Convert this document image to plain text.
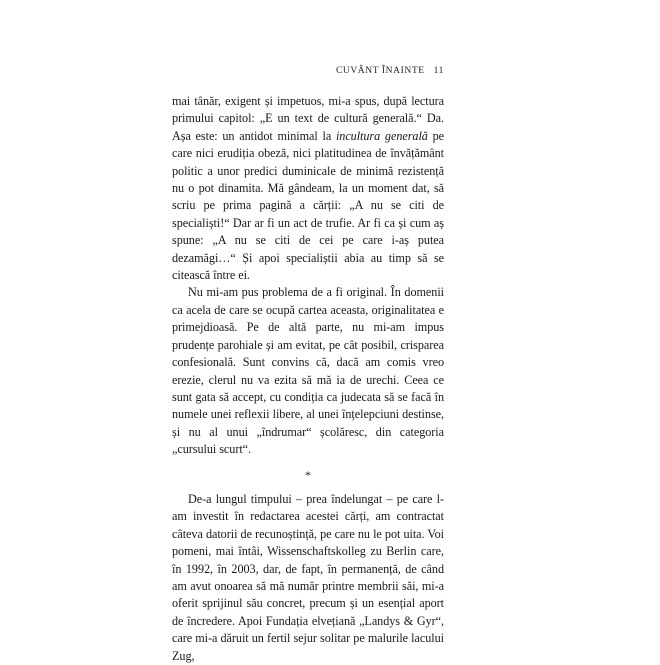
CUVÂNT ÎNAINTE 11

mai tânăr, exigent și impetuos, mi-a spus, după lectura primului capitol: „E un text de cultură generală.“ Da. Așa este: un antidot minimal la incultura generală pe care nici erudiția obeză, nici platitudinea de învățământ politic a unor predici duminicale de minimă rezistență nu o pot dinamita. Mă gândeam, la un moment dat, să scriu pe prima pagină a cărții: „A nu se citi de specialiști!“ Dar ar fi un act de trufie. Ar fi ca și cum aș spune: „A nu se citi de cei pe care i-aș putea dezamăgi…“ Și apoi specialiștii abia au timp să se citească între ei.

Nu mi-am pus problema de a fi original. În domenii ca acela de care se ocupă cartea aceasta, originalitatea e primejdioasă. Pe de altă parte, nu mi-am impus prudențe parohiale și am evitat, pe cât posibil, crisparea confesională. Sunt convins că, dacă am comis vreo erezie, clerul nu va ezita să mă ia de urechi. Ceea ce sunt gata să accept, cu condiția ca judecata să se facă în numele unei reflexii libere, al unei înțelepciuni destinse, și nu al unui „îndrumar“ școlăresc, din categoria „cursului scurt“.

*

De-a lungul timpului – prea îndelungat – pe care l-am investit în redactarea acestei cărți, am contractat câteva datorii de recunoștință, pe care nu le pot uita. Voi pomeni, mai întâi, Wissenschaftskolleg zu Berlin care, în 1992, în 2003, dar, de fapt, în permanență, de când am avut onoarea să mă număr printre membrii săi, mi-a oferit sprijinul său concret, precum și un esențial aport de încredere. Apoi Fundația elvețiană „Landys & Gyr“, care mi-a dăruit un fertil sejur solitar pe malurile lacului Zug,
